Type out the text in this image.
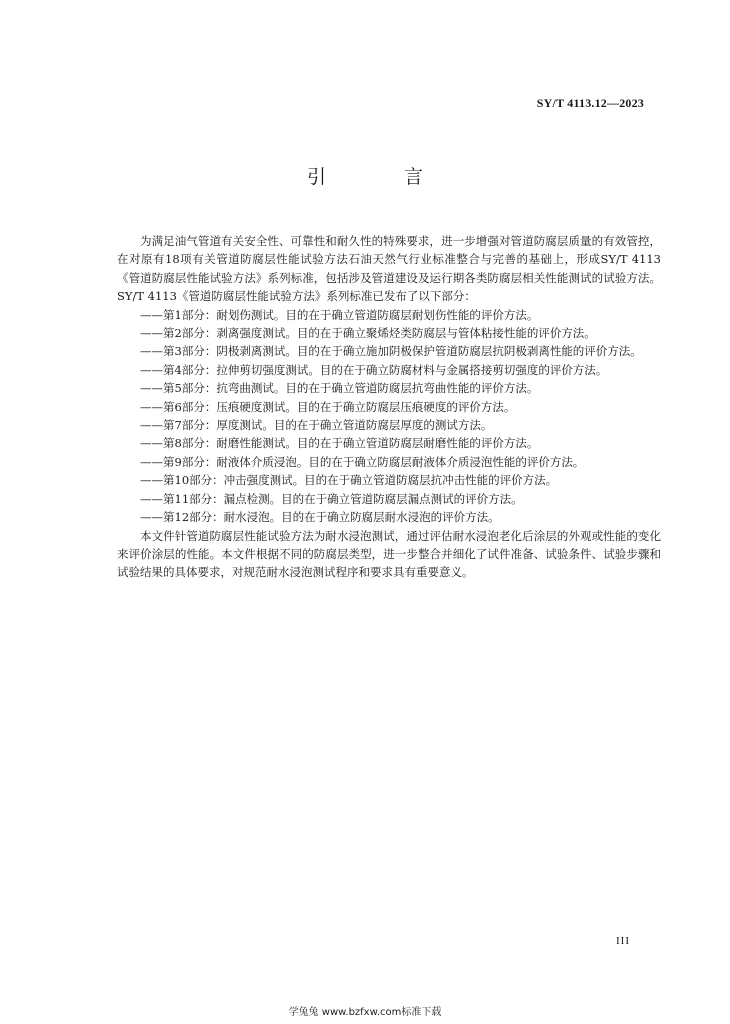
SY/T 4113.12—2023
引 言

为满足油气管道有关安全性、可靠性和耐久性的特殊要求，进一步增强对管道防腐层质量的有效管控，在对原有18项有关管道防腐层性能试验方法石油天然气行业标准整合与完善的基础上，形成SY/T 4113《管道防腐层性能试验方法》系列标准，包括涉及管道建设及运行期各类防腐层相关性能测试的试验方法。SY/T 4113《管道防腐层性能试验方法》系列标准已发布了以下部分：

——第1部分：耐划伤测试。目的在于确立管道防腐层耐划伤性能的评价方法。
——第2部分：剥离强度测试。目的在于确立聚烯烃类防腐层与管体粘接性能的评价方法。
——第3部分：阴极剥离测试。目的在于确立施加阴极保护管道防腐层抗阴极剥离性能的评价方法。
——第4部分：拉伸剪切强度测试。目的在于确立防腐材料与金属搭接剪切强度的评价方法。
——第5部分：抗弯曲测试。目的在于确立管道防腐层抗弯曲性能的评价方法。
——第6部分：压痕硬度测试。目的在于确立防腐层压痕硬度的评价方法。
——第7部分：厚度测试。目的在于确立管道防腐层厚度的测试方法。
——第8部分：耐磨性能测试。目的在于确立管道防腐层耐磨性能的评价方法。
——第9部分：耐液体介质浸泡。目的在于确立防腐层耐液体介质浸泡性能的评价方法。
——第10部分：冲击强度测试。目的在于确立管道防腐层抗冲击性能的评价方法。
——第11部分：漏点检测。目的在于确立管道防腐层漏点测试的评价方法。
——第12部分：耐水浸泡。目的在于确立防腐层耐水浸泡的评价方法。

本文件针管道防腐层性能试验方法为耐水浸泡测试，通过评估耐水浸泡老化后涂层的外观或性能的变化来评价涂层的性能。本文件根据不同的防腐层类型，进一步整合并细化了试件准备、试验条件、试验步骤和试验结果的具体要求，对规范耐水浸泡测试程序和要求具有重要意义。

III
学兔兔 www.bzfxw.com标准下载
